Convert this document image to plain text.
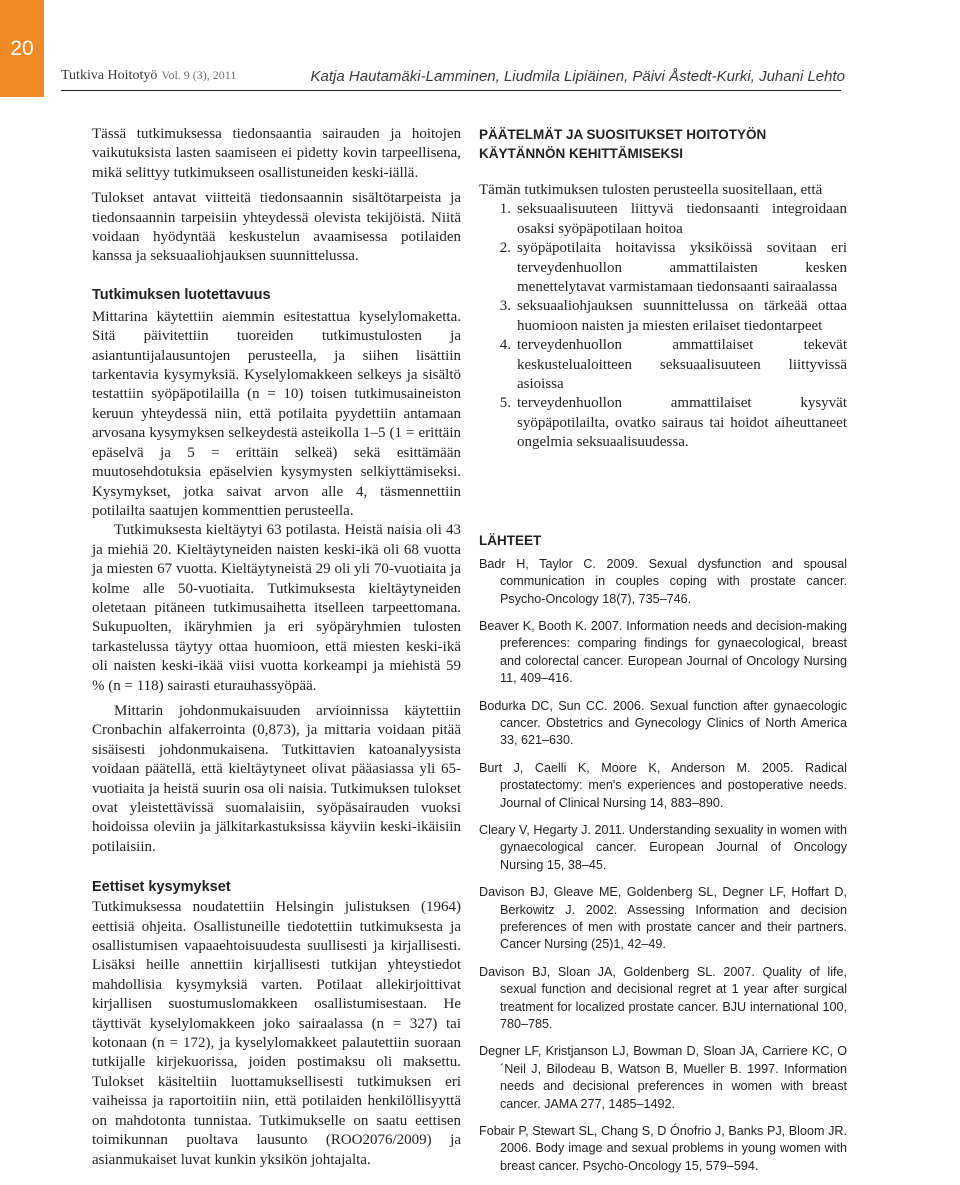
20
Tutkiva Hoitotyö Vol. 9 (3), 2011	Katja Hautamäki-Lamminen, Liudmila Lipiäinen, Päivi Åstedt-Kurki, Juhani Lehto

Tässä tutkimuksessa tiedonsaantia sairauden ja hoitojen vaikutuksista lasten saamiseen ei pidetty kovin tarpeellisena, mikä selittyy tutkimukseen osallistuneiden keski-iällä.

Tulokset antavat viitteitä tiedonsaannin sisältötarpeista ja tiedonsaannin tarpeisiin yhteydessä olevista tekijöistä. Niitä voidaan hyödyntää keskustelun avaamisessa potilaiden kanssa ja seksuaaliohjauksen suunnittelussa.

Tutkimuksen luotettavuus

Mittarina käytettiin aiemmin esitestattua kyselylomaketta. Sitä päivitettiin tuoreiden tutkimustulosten ja asiantuntijalausuntojen perusteella, ja siihen lisättiin tarkentavia kysymyksiä. Kyselylomakkeen selkeys ja sisältö testattiin syöpäpotilailla (n = 10) toisen tutkimusaineiston keruun yhteydessä niin, että potilaita pyydettiin antamaan arvosana kysymyksen selkeydestä asteikolla 1–5 (1 = erittäin epäselvä ja 5 = erittäin selkeä) sekä esittämään muutosehdotuksia epäselvien kysymysten selkiyttämiseksi. Kysymykset, jotka saivat arvon alle 4, täsmennettiin potilailta saatujen kommenttien perusteella.

Tutkimuksesta kieltäytyi 63 potilasta. Heistä naisia oli 43 ja miehiä 20. Kieltäytyneiden naisten keski-ikä oli 68 vuotta ja miesten 67 vuotta. Kieltäytyneistä 29 oli yli 70-vuotiaita ja kolme alle 50-vuotiaita. Tutkimuksesta kieltäytyneiden oletetaan pitäneen tutkimusaihetta itselleen tarpeettomana. Sukupuolten, ikäryhmien ja eri syöpäryhmien tulosten tarkastelussa täytyy ottaa huomioon, että miesten keski-ikä oli naisten keski-ikää viisi vuotta korkeampi ja miehistä 59 % (n = 118) sairasti eturauhassyöpää.

Mittarin johdonmukaisuuden arvioinnissa käytettiin Cronbachin alfakerrointa (0,873), ja mittaria voidaan pitää sisäisesti johdonmukaisena. Tutkittavien katoanalyysista voidaan päätellä, että kieltäytyneet olivat pääasiassa yli 65-vuotiaita ja heistä suurin osa oli naisia. Tutkimuksen tulokset ovat yleistettävissä suomalaisiin, syöpäsairauden vuoksi hoidoissa oleviin ja jälkitarkastuksissa käyviin keski-ikäisiin potilaisiin.

Eettiset kysymykset

Tutkimuksessa noudatettiin Helsingin julistuksen (1964) eettisiä ohjeita. Osallistuneille tiedotettiin tutkimuksesta ja osallistumisen vapaaehtoisuudesta suullisesti ja kirjallisesti. Lisäksi heille annettiin kirjallisesti tutkijan yhteystiedot mahdollisia kysymyksiä varten. Potilaat allekirjoittivat kirjallisen suostumuslomakkeen osallistumisestaan. He täyttivät kyselylomakkeen joko sairaalassa (n = 327) tai kotonaan (n = 172), ja kyselylomakkeet palautettiin suoraan tutkijalle kirjekuorissa, joiden postimaksu oli maksettu. Tulokset käsiteltiin luottamuksellisesti tutkimuksen eri vaiheissa ja raportoitiin niin, että potilaiden henkilöllisyyttä on mahdotonta tunnistaa. Tutkimukselle on saatu eettisen toimikunnan puoltava lausunto (ROO2076/2009) ja asianmukaiset luvat kunkin yksikön johtajalta.

PÄÄTELMÄT JA SUOSITUKSET HOITOTYÖN KÄYTÄNNÖN KEHITTÄMISEKSI

Tämän tutkimuksen tulosten perusteella suositellaan, että

1. seksuaalisuuteen liittyvä tiedonsaanti integroidaan osaksi syöpäpotilaan hoitoa
2. syöpäpotilaita hoitavissa yksiköissä sovitaan eri terveydenhuollon ammattilaisten kesken menettelytavat varmistamaan tiedonsaanti sairaalassa
3. seksuaaliohjauksen suunnittelussa on tärkeää ottaa huomioon naisten ja miesten erilaiset tiedontarpeet
4. terveydenhuollon ammattilaiset tekevät keskustelualoitteen seksuaalisuuteen liittyvissä asioissa
5. terveydenhuollon ammattilaiset kysyvät syöpäpotilailta, ovatko sairaus tai hoidot aiheuttaneet ongelmia seksuaalisuudessa.
LÄHTEET

Badr H, Taylor C. 2009. Sexual dysfunction and spousal communication in couples coping with prostate cancer. Psycho-Oncology 18(7), 735–746.

Beaver K, Booth K. 2007. Information needs and decision-making preferences: comparing findings for gynaecological, breast and colorectal cancer. European Journal of Oncology Nursing 11, 409–416.

Bodurka DC, Sun CC. 2006. Sexual function after gynaecologic cancer. Obstetrics and Gynecology Clinics of North America 33, 621–630.

Burt J, Caelli K, Moore K, Anderson M. 2005. Radical prostatectomy: men's experiences and postoperative needs. Journal of Clinical Nursing 14, 883–890.

Cleary V, Hegarty J. 2011. Understanding sexuality in women with gynaecological cancer. European Journal of Oncology Nursing 15, 38–45.

Davison BJ, Gleave ME, Goldenberg SL, Degner LF, Hoffart D, Berkowitz J. 2002. Assessing Information and decision preferences of men with prostate cancer and their partners. Cancer Nursing (25)1, 42–49.

Davison BJ, Sloan JA, Goldenberg SL. 2007. Quality of life, sexual function and decisional regret at 1 year after surgical treatment for localized prostate cancer. BJU international 100, 780–785.

Degner LF, Kristjanson LJ, Bowman D, Sloan JA, Carriere KC, O´Neil J, Bilodeau B, Watson B, Mueller B. 1997. Information needs and decisional preferences in women with breast cancer. JAMA 277, 1485–1492.

Fobair P, Stewart SL, Chang S, D Ónofrio J, Banks PJ, Bloom JR. 2006. Body image and sexual problems in young women with breast cancer. Psycho-Oncology 15, 579–594.
